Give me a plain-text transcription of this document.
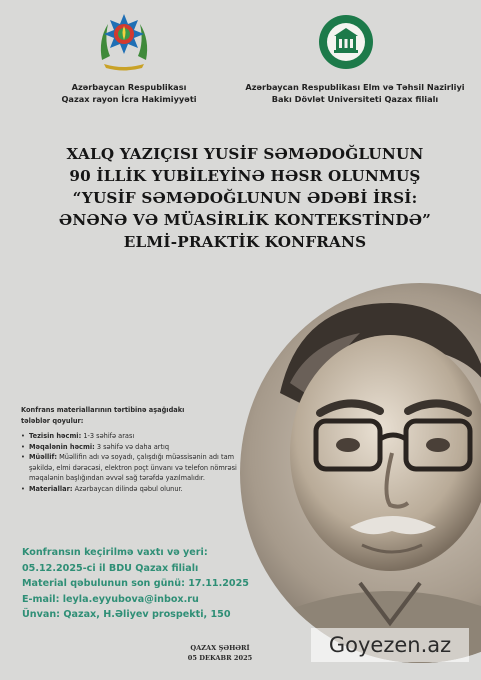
Azərbaycan Respublikası
Qazax rayon İcra Hakimiyyəti
Azərbaycan Respublikası Elm və Təhsil Nazirliyi
Bakı Dövlət Universiteti Qazax filialı
XALQ YAZIÇISI YUSİF SƏMƏDOĞLUNUN
90 İLLİK YUBİLEYİNƏ HƏSR OLUNMUŞ
“YUSİF SƏMƏDOĞLUNUN ƏDƏBİ İRSİ:
ƏNƏNƏ VƏ MÜASİRLİK KONTEKSTİNDƏ”
ELMİ-PRAKTİK KONFRANS
Konfrans materiallarının tərtibinə aşağıdakı
tələblər qoyulur:
• Tezisin həcmi: 1-3 səhifə arası
• Məqalənin həcmi: 3 səhifə və daha artıq
• Müəllif: Müəllifin adı və soyadı, çalışdığı müəssisənin adı tam şəkildə, elmi dərəcəsi, elektron poçt ünvanı və telefon nömrəsi məqalənin başlığından əvvəl sağ tərəfdə yazılmalıdır.
• Materiallar: Azərbaycan dilində qəbul olunur.
Konfransın keçirilmə vaxtı və yeri:
05.12.2025-ci il BDU Qazax filialı
Material qəbulunun son günü: 17.11.2025
E-mail: leyla.eyyubova@inbox.ru
Ünvan: Qazax, H.Əliyev prospekti, 150
QAZAX ŞƏHƏRİ
05 DEKABR 2025
Goyezen.az
